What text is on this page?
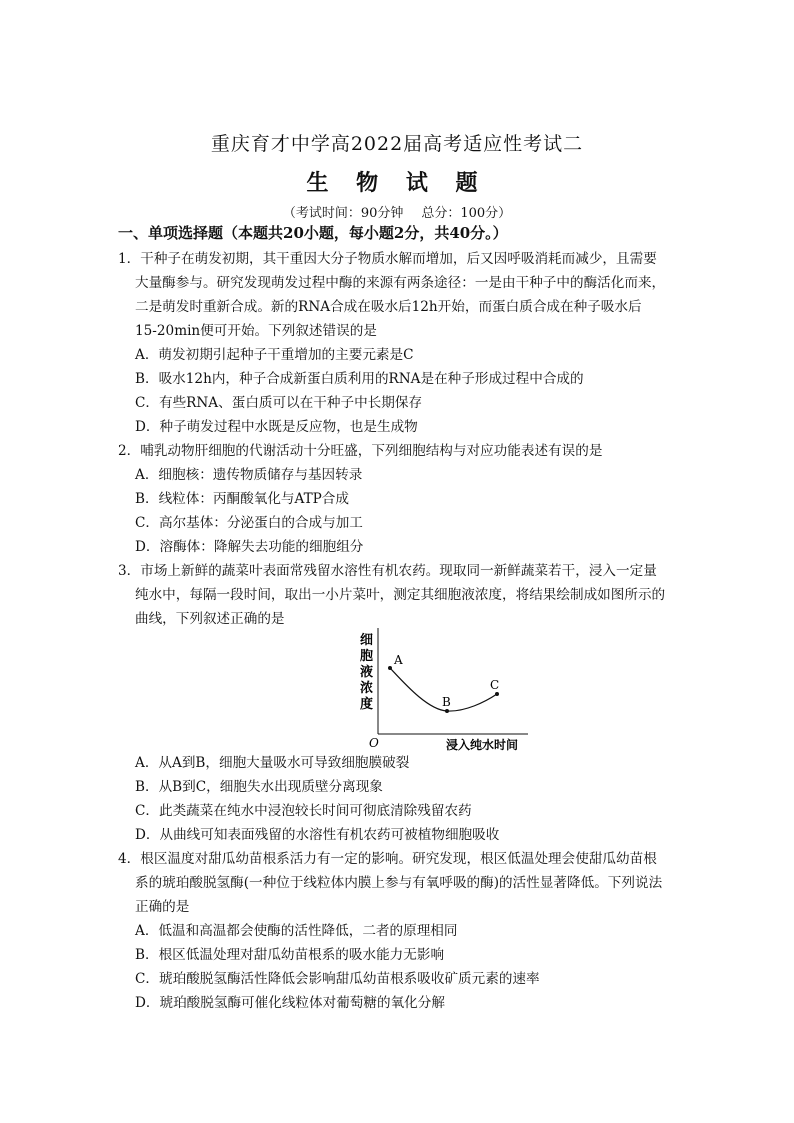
重庆育才中学高2022届高考适应性考试二
生 物 试 题

（考试时间：90分钟 总分：100分）

一、单项选择题（本题共20小题，每小题2分，共40分。）

1．干种子在萌发初期，其干重因大分子物质水解而增加，后又因呼吸消耗而减少，且需要

大量酶参与。研究发现萌发过程中酶的来源有两条途径：一是由干种子中的酶活化而来，

二是萌发时重新合成。新的RNA合成在吸水后12h开始，而蛋白质合成在种子吸水后

15-20min便可开始。下列叙述错误的是

A．萌发初期引起种子干重增加的主要元素是C

B．吸水12h内，种子合成新蛋白质利用的RNA是在种子形成过程中合成的

C．有些RNA、蛋白质可以在干种子中长期保存

D．种子萌发过程中水既是反应物，也是生成物

2．哺乳动物肝细胞的代谢活动十分旺盛，下列细胞结构与对应功能表述有误的是

A．细胞核：遗传物质储存与基因转录

B．线粒体：丙酮酸氧化与ATP合成

C．高尔基体：分泌蛋白的合成与加工

D．溶酶体：降解失去功能的细胞组分

3．市场上新鲜的蔬菜叶表面常残留水溶性有机农药。现取同一新鲜蔬菜若干，浸入一定量

纯水中，每隔一段时间，取出一小片菜叶，测定其细胞液浓度，将结果绘制成如图所示的

曲线，下列叙述正确的是

细
胞
液
浓
度
O	浸入纯水时间
A
B
C

A．从A到B，细胞大量吸水可导致细胞膜破裂

B．从B到C，细胞失水出现质壁分离现象

C．此类蔬菜在纯水中浸泡较长时间可彻底清除残留农药

D．从曲线可知表面残留的水溶性有机农药可被植物细胞吸收

4．根区温度对甜瓜幼苗根系活力有一定的影响。研究发现，根区低温处理会使甜瓜幼苗根

系的琥珀酸脱氢酶(一种位于线粒体内膜上参与有氧呼吸的酶)的活性显著降低。下列说法

正确的是

A．低温和高温都会使酶的活性降低，二者的原理相同

B．根区低温处理对甜瓜幼苗根系的吸水能力无影响

C．琥珀酸脱氢酶活性降低会影响甜瓜幼苗根系吸收矿质元素的速率

D．琥珀酸脱氢酶可催化线粒体对葡萄糖的氧化分解
